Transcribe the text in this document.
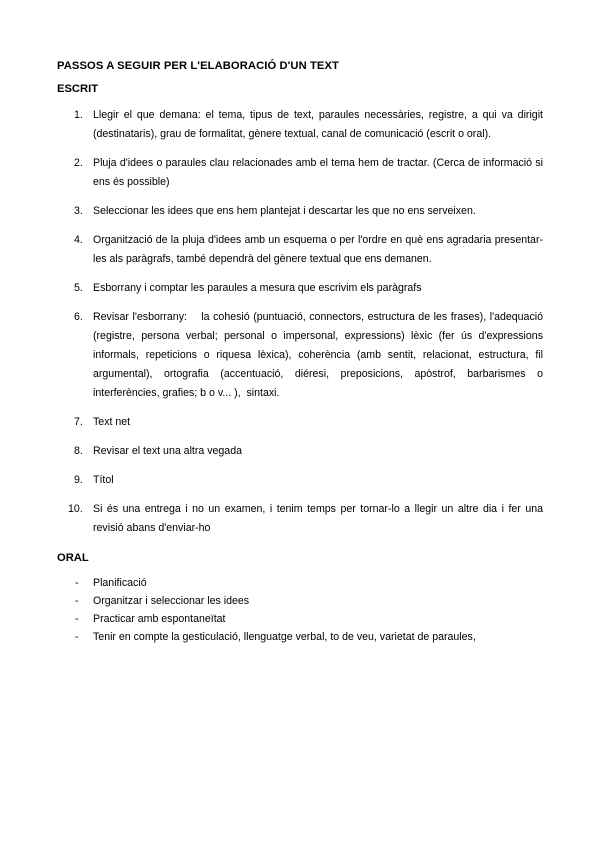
PASSOS A SEGUIR PER L'ELABORACIÓ D'UN TEXT
ESCRIT
1. Llegir el que demana: el tema, tipus de text, paraules necessàries, registre, a qui va dirigit (destinataris), grau de formalitat, gènere textual, canal de comunicació (escrit o oral).
2. Pluja d'idees o paraules clau relacionades amb el tema hem de tractar. (Cerca de informació si ens és possible)
3. Seleccionar les idees que ens hem plantejat i descartar les que no ens serveixen.
4. Organització de la pluja d'idees amb un esquema o per l'ordre en què ens agradaria presentar-les als paràgrafs, també dependrà del gènere textual que ens demanen.
5. Esborrany i comptar les paraules a mesura que escrivim els paràgrafs
6. Revisar l'esborrany:    la cohesió (puntuació, connectors, estructura de les frases), l'adequació (registre, persona verbal; personal o impersonal, expressions) lèxic (fer ús d'expressions informals, repeticions o riquesa lèxica), coherència (amb sentit, relacionat, estructura, fil argumental), ortografia (accentuació, diéresi, preposicions, apòstrof, barbarismes o interferències, grafies; b o v... ),  sintaxi.
7. Text net
8. Revisar el text una altra vegada
9. Títol
10. Si és una entrega i no un examen, i tenim temps per tornar-lo a llegir un altre dia i fer una revisió abans d'enviar-ho
ORAL
- Planificació
- Organitzar i seleccionar les idees
- Practicar amb espontaneïtat
- Tenir en compte la gesticulació, llenguatge verbal, to de veu, varietat de paraules,
